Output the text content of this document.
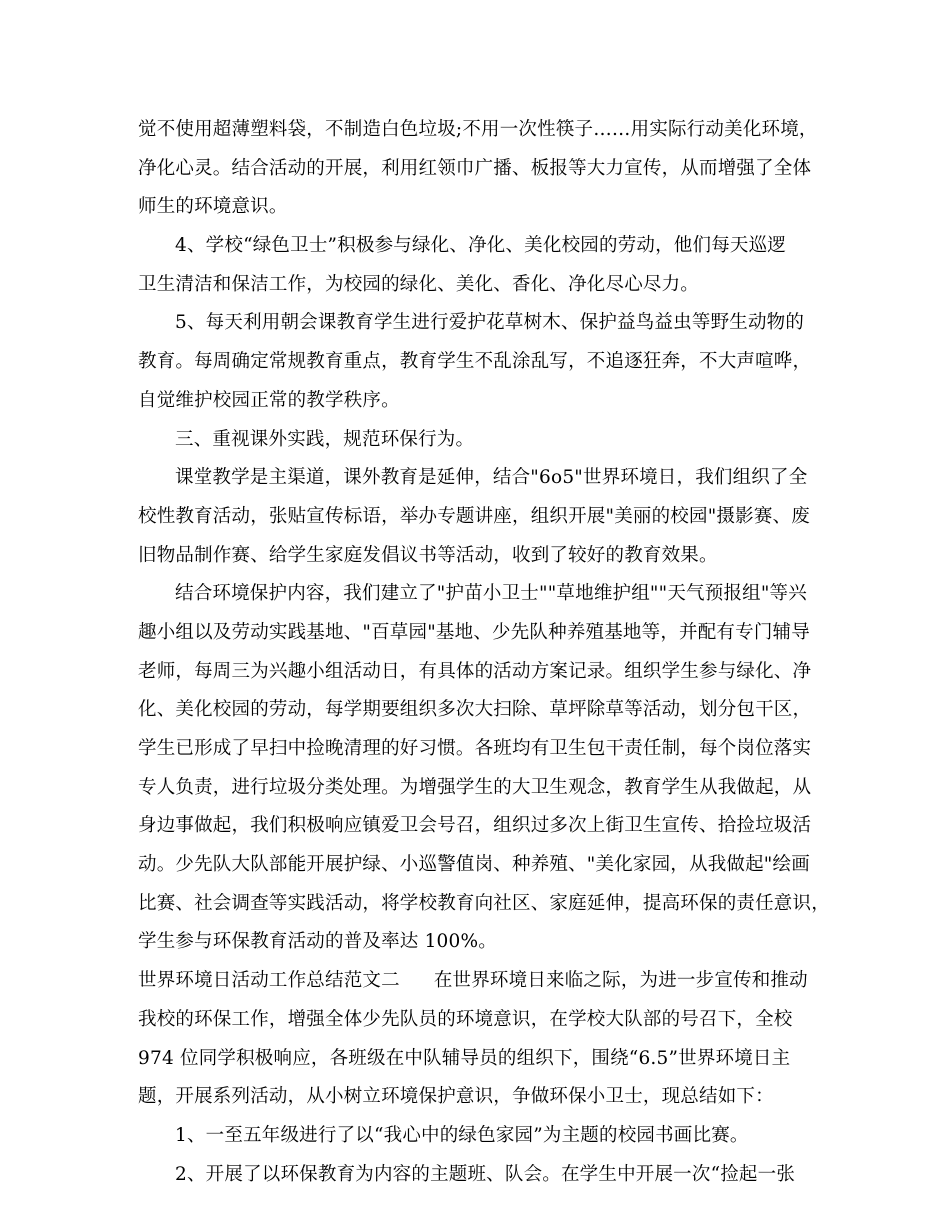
觉不使用超薄塑料袋，不制造白色垃圾;不用一次性筷子……用实际行动美化环境，
净化心灵。结合活动的开展，利用红领巾广播、板报等大力宣传，从而增强了全体
师生的环境意识。
4、学校“绿色卫士”积极参与绿化、净化、美化校园的劳动，他们每天巡逻
卫生清洁和保洁工作，为校园的绿化、美化、香化、净化尽心尽力。
5、每天利用朝会课教育学生进行爱护花草树木、保护益鸟益虫等野生动物的
教育。每周确定常规教育重点，教育学生不乱涂乱写，不追逐狂奔，不大声喧哗，
自觉维护校园正常的教学秩序。
三、重视课外实践，规范环保行为。
课堂教学是主渠道，课外教育是延伸，结合"6o5"世界环境日，我们组织了全
校性教育活动，张贴宣传标语，举办专题讲座，组织开展"美丽的校园"摄影赛、废
旧物品制作赛、给学生家庭发倡议书等活动，收到了较好的教育效果。
结合环境保护内容，我们建立了"护苗小卫士""草地维护组""天气预报组"等兴
趣小组以及劳动实践基地、"百草园"基地、少先队种养殖基地等，并配有专门辅导
老师，每周三为兴趣小组活动日，有具体的活动方案记录。组织学生参与绿化、净
化、美化校园的劳动，每学期要组织多次大扫除、草坪除草等活动，划分包干区，
学生已形成了早扫中捡晚清理的好习惯。各班均有卫生包干责任制，每个岗位落实
专人负责，进行垃圾分类处理。为增强学生的大卫生观念，教育学生从我做起，从
身边事做起，我们积极响应镇爱卫会号召，组织过多次上街卫生宣传、拾捡垃圾活
动。少先队大队部能开展护绿、小巡警值岗、种养殖、"美化家园，从我做起"绘画
比赛、社会调查等实践活动，将学校教育向社区、家庭延伸，提高环保的责任意识，
学生参与环保教育活动的普及率达 100%。
世界环境日活动工作总结范文二 在世界环境日来临之际，为进一步宣传和推动
我校的环保工作，增强全体少先队员的环境意识，在学校大队部的号召下，全校
974 位同学积极响应，各班级在中队辅导员的组织下，围绕“6.5”世界环境日主
题，开展系列活动，从小树立环境保护意识，争做环保小卫士，现总结如下：
1、一至五年级进行了以“我心中的绿色家园”为主题的校园书画比赛。
2、开展了以环保教育为内容的主题班、队会。在学生中开展一次“捡起一张
